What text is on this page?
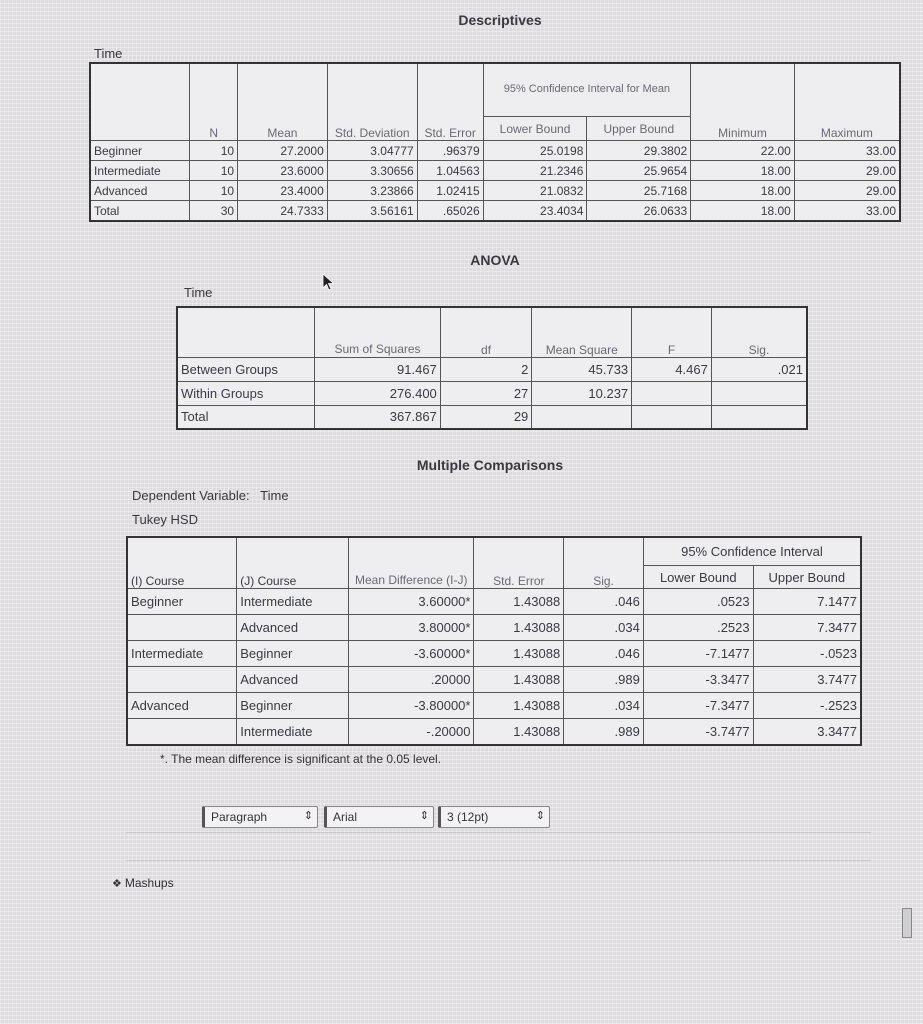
Descriptives
Time
	N	Mean	Std. Deviation	Std. Error	95% Confidence Interval for Mean		Minimum	Maximum
					Lower Bound	Upper Bound		
Beginner	10	27.2000	3.04777	.96379	25.0198	29.3802	22.00	33.00
Intermediate	10	23.6000	3.30656	1.04563	21.2346	25.9654	18.00	29.00
Advanced	10	23.4000	3.23866	1.02415	21.0832	25.7168	18.00	29.00
Total	30	24.7333	3.56161	.65026	23.4034	26.0633	18.00	33.00
ANOVA
Time
	Sum of Squares	df	Mean Square	F	Sig.
Between Groups	91.467	2	45.733	4.467	.021
Within Groups	276.400	27	10.237		
Total	367.867	29			
Multiple Comparisons
Dependent Variable:   Time
Tukey HSD
(I) Course	(J) Course	Mean Difference (I-J)	Std. Error	Sig.	95% Confidence Interval	
					Lower Bound	Upper Bound
Beginner	Intermediate	3.60000*	1.43088	.046	.0523	7.1477
	Advanced	3.80000*	1.43088	.034	.2523	7.3477
Intermediate	Beginner	-3.60000*	1.43088	.046	-7.1477	-.0523
	Advanced	.20000	1.43088	.989	-3.3477	3.7477
Advanced	Beginner	-3.80000*	1.43088	.034	-7.3477	-.2523
	Intermediate	-.20000	1.43088	.989	-3.7477	3.3477
*. The mean difference is significant at the 0.05 level.
Paragraph	⇕ Arial	⇕ 3 (12pt)	⇕
❖ Mashups
